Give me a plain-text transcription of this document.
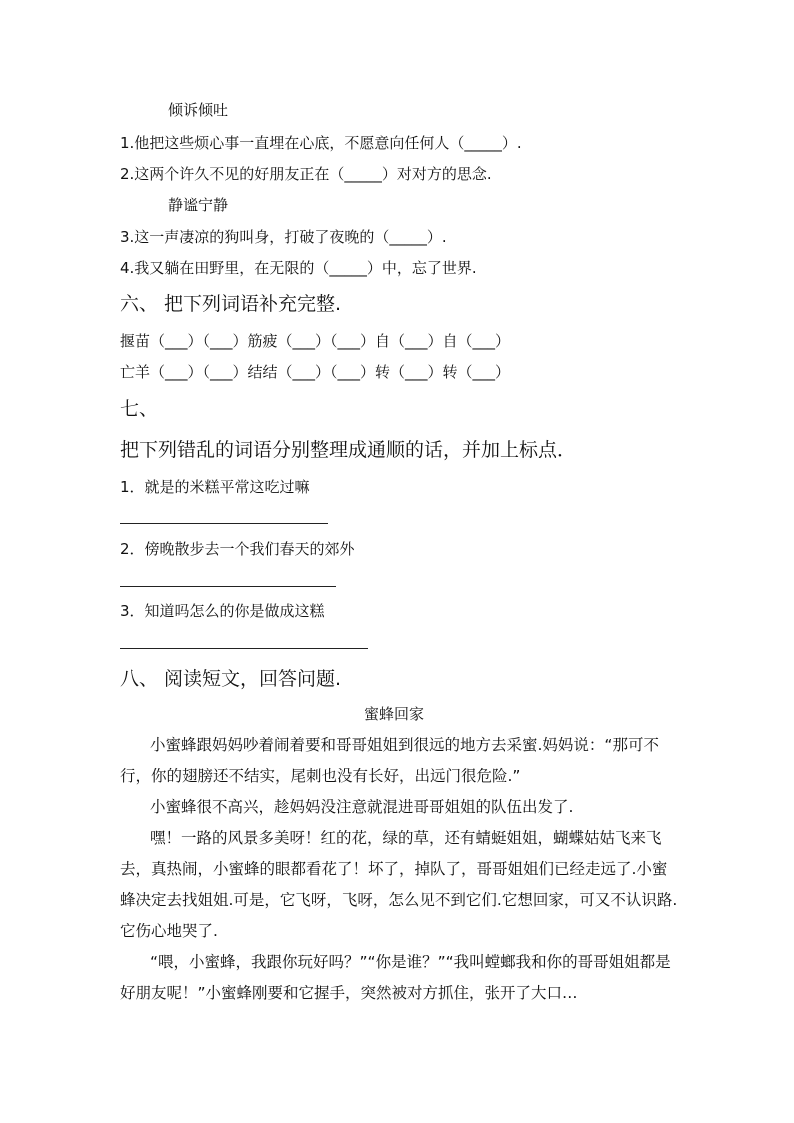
倾诉倾吐
1.他把这些烦心事一直埋在心底，不愿意向任何人（_____）.
2.这两个许久不见的好朋友正在（_____）对对方的思念.
静谧宁静
3.这一声凄凉的狗叫身，打破了夜晚的（_____）.
4.我又躺在田野里，在无限的（_____）中，忘了世界.
六、 把下列词语补充完整.
揠苗（___）（___）筋疲（___）（___）自（___）自（___）
亡羊（___）（___）结结（___）（___）转（___）转（___）
七、
把下列错乱的词语分别整理成通顺的话，并加上标点．
1．就是的米糕平常这吃过嘛
2．傍晚散步去一个我们春天的郊外
3．知道吗怎么的你是做成这糕
八、 阅读短文，回答问题.
蜜蜂回家

小蜜蜂跟妈妈吵着闹着要和哥哥姐姐到很远的地方去采蜜.妈妈说：“那可不行，你的翅膀还不结实，尾刺也没有长好，出远门很危险.”

小蜜蜂很不高兴，趁妈妈没注意就混进哥哥姐姐的队伍出发了.

嘿！一路的风景多美呀！红的花，绿的草，还有蜻蜓姐姐，蝴蝶姑姑飞来飞去，真热闹，小蜜蜂的眼都看花了！坏了，掉队了，哥哥姐姐们已经走远了.小蜜蜂决定去找姐姐.可是，它飞呀，飞呀，怎么见不到它们.它想回家，可又不认识路.它伤心地哭了.

“喂，小蜜蜂，我跟你玩好吗？”“你是谁？”“我叫螳螂我和你的哥哥姐姐都是好朋友呢！”小蜜蜂刚要和它握手，突然被对方抓住，张开了大口…
